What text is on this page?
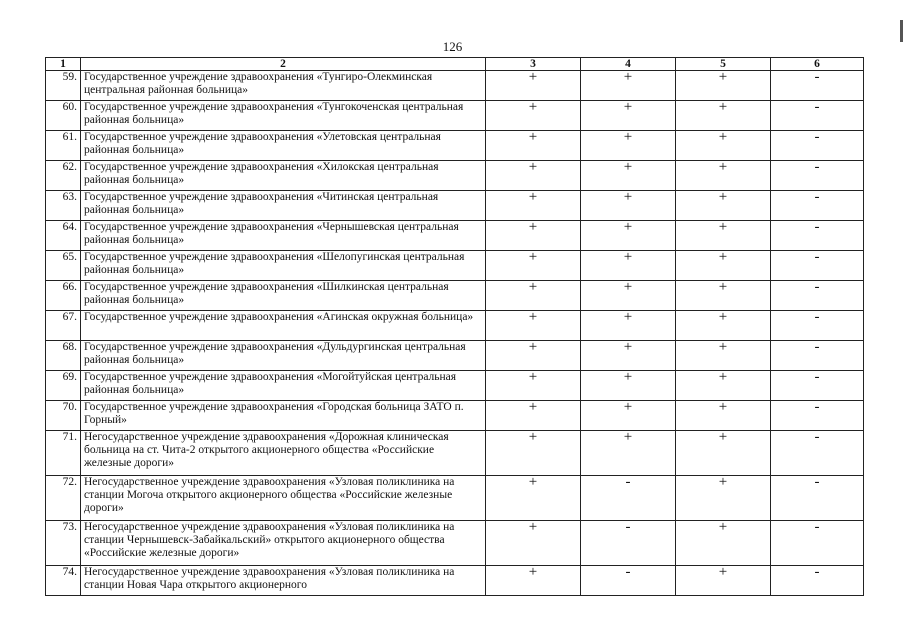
126
1	2	3	4	5	6
59.	Государственное учреждение здравоохранения «Тунгиро-Олекминская центральная районная больница»	+	+	+	-
60.	Государственное учреждение здравоохранения «Тунгокоченская центральная районная больница»	+	+	+	-
61.	Государственное учреждение здравоохранения «Улетовская центральная районная больница»	+	+	+	-
62.	Государственное учреждение здравоохранения «Хилокская центральная районная больница»	+	+	+	-
63.	Государственное учреждение здравоохранения «Читинская центральная районная больница»	+	+	+	-
64.	Государственное учреждение здравоохранения «Чернышевская центральная районная больница»	+	+	+	-
65.	Государственное учреждение здравоохранения «Шелопугинская центральная районная больница»	+	+	+	-
66.	Государственное учреждение здравоохранения «Шилкинская центральная районная больница»	+	+	+	-
67.	Государственное учреждение здравоохранения «Агинская окружная больница»	+	+	+	-
68.	Государственное учреждение здравоохранения «Дульдургинская центральная районная больница»	+	+	+	-
69.	Государственное учреждение здравоохранения «Могойтуйская центральная районная больница»	+	+	+	-
70.	Государственное учреждение здравоохранения «Городская больница ЗАТО п. Горный»	+	+	+	-
71.	Негосударственное учреждение здравоохранения «Дорожная клиническая больница на ст. Чита-2 открытого акционерного общества «Российские железные дороги»	+	+	+	-
72.	Негосударственное учреждение здравоохранения «Узловая поликлиника на станции Могоча открытого акционерного общества «Российские железные дороги»	+	-	+	-
73.	Негосударственное учреждение здравоохранения «Узловая поликлиника на станции Чернышевск-Забайкальский» открытого акционерного общества «Российские железные дороги»	+	-	+	-
74.	Негосударственное учреждение здравоохранения «Узловая поликлиника на станции Новая Чара открытого акционерного	+	-	+	-
